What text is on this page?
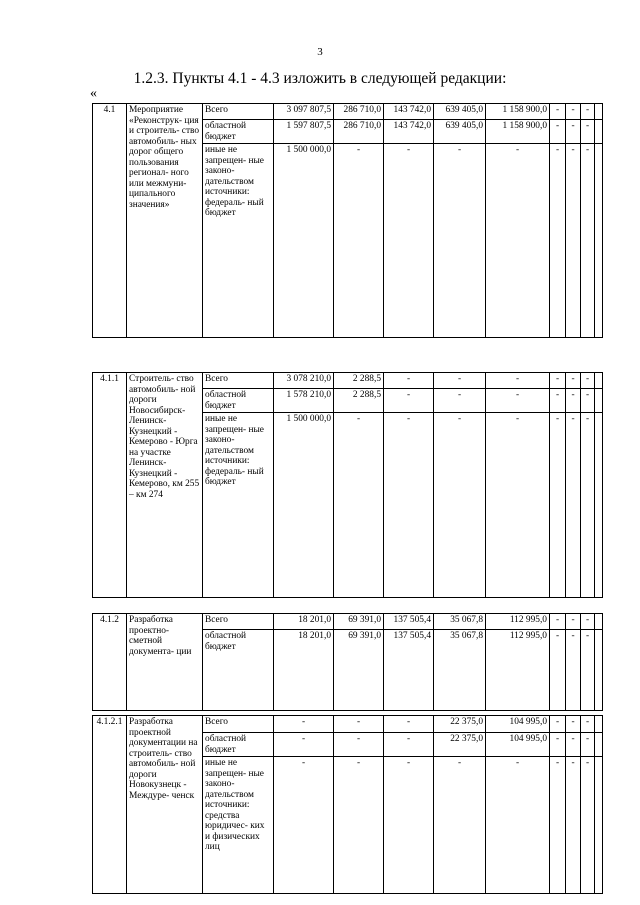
3
1.2.3. Пункты 4.1 - 4.3 изложить в следующей редакции:
«
4.1	Мероприятие «Реконструк- ция и строитель- ство автомобиль- ных дорог общего пользования регионал- ного или межмуни- ципального значения»	Всего	3 097 807,5	286 710,0	143 742,0	639 405,0	1 158 900,0	-	-	-	
		областной бюджет	1 597 807,5	286 710,0	143 742,0	639 405,0	1 158 900,0	-	-	-	
		иные не запрещен- ные законо- дательством источники: федераль- ный бюджет	1 500 000,0	-	-	-	-	-	-	-	

4.1.1	Строитель- ство автомобиль- ной дороги Новосибирск- Ленинск- Кузнецкий - Кемерово - Юрга на участке Ленинск- Кузнецкий - Кемерово, км 255 – км 274	Всего	3 078 210,0	2 288,5	-	-	-	-	-	-	
		областной бюджет	1 578 210,0	2 288,5	-	-	-	-	-	-	
		иные не запрещен- ные законо- дательством источники: федераль- ный бюджет	1 500 000,0	-	-	-	-	-	-	-	

4.1.2	Разработка проектно- сметной документа- ции	Всего	18 201,0	69 391,0	137 505,4	35 067,8	112 995,0	-	-	-	
		областной бюджет	18 201,0	69 391,0	137 505,4	35 067,8	112 995,0	-	-	-	

4.1.2.1	Разработка проектной документации на строитель- ство автомобиль- ной дороги Новокузнецк - Междуре- ченск	Всего	-	-	-	22 375,0	104 995,0	-	-	-	
		областной бюджет	-	-	-	22 375,0	104 995,0	-	-	-	
		иные не запрещен- ные законо- дательством источники: средства юридичес- ких и физических лиц	-	-	-	-	-	-	-	-	
